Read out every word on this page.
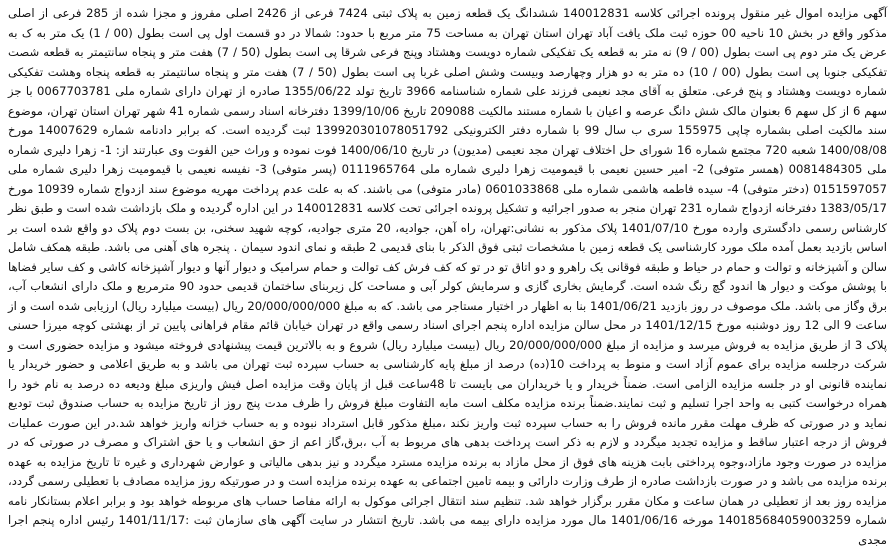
آگهی مزایده اموال غیر منقول پرونده اجرائی کلاسه 140012831 ششدانگ یک قطعه زمین به پلاک ثبتی 7424 فرعی از 2426 اصلی مفروز و مجزا شده از 285 فرعی از اصلی مذکور واقع در بخش 10 ناحیه 00 حوزه ثبت ملک یافت آباد تهران استان تهران به مساحت 75 متر مربع با حدود: شمالا در دو قسمت اول پی است بطول (00 / 1) یک متر به ک به عرض یک متر دوم پی است بطول (00 / 9) نه متر به قطعه یک تفکیکی شماره دویست وهشتاد وپنج فرعی شرقا پی است بطول (50 / 7) هفت متر و پنجاه سانتیمتر به قطعه شصت تفکیکی جنوبا پی است بطول (00 / 10) ده متر به دو هزار وچهارصد وبیست وشش اصلی غربا پی است بطول (50 / 7) هفت متر و پنجاه سانتیمتر به قطعه پنجاه وهشت تفکیکی شماره دویست وهشتاد و پنج فرعی. متعلق به آقای مجد نعیمی فرزند علی شماره شناسنامه 3966 تاریخ تولد 1355/06/22 صادره از تهران دارای شماره ملی 0067703781 با جز سهم 6 از کل سهم 6 بعنوان مالک شش دانگ عرصه و اعیان با شماره مستند مالکیت 209088 تاریخ 1399/10/06 دفترخانه اسناد رسمی شماره 41 شهر تهران استان تهران، موضوع سند مالکیت اصلی بشماره چاپی 155975 سری ب سال 99 با شماره دفتر الکترونیکی 139920301078051792 ثبت گردیده است. که برابر دادنامه شماره 14007629 مورخ 1400/08/08 شعبه 720 مجتمع شماره 16 شورای حل اختلاف تهران مجد نعیمی (مدیون) در تاریخ 1400/06/10 فوت نموده و وراث حین الفوت وی عبارتند از: 1- زهرا دلیری شماره ملی 0081484305 (همسر متوفی) 2- امیر حسین نعیمی با قیمومیت زهرا دلیری شماره ملی 0111965764 (پسر متوفی) 3- نفیسه نعیمی با قیمومیت زهرا دلیری شماره ملی 0151597057 (دختر متوفی) 4- سیده فاطمه هاشمی شماره ملی 0601033868 (مادر متوفی) می باشند. که به علت عدم پرداخت مهریه موضوع سند ازدواج شماره 10939 مورخ 1383/05/17 دفترخانه ازدواج شماره 231 تهران منجر به صدور اجرائیه و تشکیل پرونده اجرائی تحت کلاسه 140012831 در این اداره گردیده و ملک بازداشت شده است و طبق نظر کارشناس رسمی دادگستری وارده مورخ 1401/07/10 پلاک مذکور به نشانی:تهران، راه آهن، جواديه، 20 متری جواديه، کوچه شهيد سخنی، بن بست دوم پلاک دو واقع شده است بر اساس بازدید بعمل آمده ملک مورد کارشناسی یک قطعه زمین با مشخصات ثبتی فوق الذکر با بنای قدیمی 2 طبقه و نمای اندود سیمان . پنجره های آهنی می باشد. طبقه همکف شامل سالن و آشپزخانه و توالت و حمام در حیاط و طبقه فوقانی یک راهرو و دو اتاق تو در تو که کف فرش کف توالت و حمام سرامیک و دیوار آنها و دیوار آشپزخانه کاشی و کف سایر فضاها با پوشش موکت و دیوار ها اندود گچ رنگ شده است. گرمایش بخاری گازی و سرمایش کولر آبی و مساحت کل زیربنای ساختمان قدیمی حدود 90 مترمربع و ملک دارای انشعاب آب، برق وگاز می باشد. ملک موصوف در روز بازدید 1401/06/21 بنا به اظهار در اختیار مستاجر می باشد. که به مبلغ 20/000/000/000 ریال (بیست میلیارد ریال) ارزیابی شده است و از ساعت 9 الی 12 روز دوشنبه مورخ 1401/12/15 در محل سالن مزایده اداره پنجم اجرای اسناد رسمی واقع در تهران خیابان قائم مقام فراهانی پایین تر از بهشتی کوچه میرزا حسنی پلاک 3 از طریق مزایده به فروش میرسد و مزایده از مبلغ 20/000/000/000 ریال (بیست میلیارد ریال) شروع و به بالاترین قیمت پیشنهادی فروخته میشود و مزایده حضوری است و شرکت درجلسه مزایده برای عموم آزاد است و منوط به پرداخت 10(ده) درصد از مبلغ پایه کارشناسی به حساب سپرده ثبت تهران می باشد و به طریق اعلامی و حضور خریدار یا نماینده قانونی او در جلسه مزایده الزامی است. ضمناً خریدار و یا خریداران می بایست تا 48ساعت قبل از پایان وقت مزایده اصل فیش واریزی مبلغ ودیعه ده درصد به نام خود را همراه درخواست کتبی به واحد اجرا تسلیم و ثبت نمایند.ضمناً برنده مزایده مکلف است مابه التفاوت مبلغ فروش را ظرف مدت پنج روز از تاریخ مزایده به حساب صندوق ثبت تودیع نماید و در صورتی که ظرف مهلت مقرر مانده فروش را به حساب سپرده ثبت واریز نکند ،مبلغ مذکور قابل استرداد نبوده و به حساب خزانه واریز خواهد شد.در این صورت عملیات فروش از درجه اعتبار ساقط و مزایده تجدید میگردد و لازم به ذکر است پرداخت بدهی های مربوط به آب ،برق،گاز اعم از حق انشعاب و یا حق اشتراک و مصرف در صورتی که در مزایده در صورت وجود مازاد،وجوه پرداختی بابت هزینه های فوق از محل مازاد به برنده مزایده مسترد میگردد و نیز بدهی مالیاتی و عوارض شهرداری و غیره تا تاریخ مزایده به عهده برنده مزایده می باشد و در صورت بازداشت صادره از طرف وزارت دارائی و بیمه تامین اجتماعی به عهده برنده مزایده است و در صورتیکه روز مزایده مصادف با تعطیلی رسمی گردد، مزایده روز بعد از تعطیلی در همان ساعت و مکان مقرر برگزار خواهد شد. تنظیم سند انتقال اجرائی موکول به ارائه مفاصا حساب های مربوطه خواهد بود و برابر اعلام بستانکار نامه شماره 140185684059003259 مورخه 1401/06/16 مال مورد مزایده دارای بیمه می باشد. تاریخ انتشار در سایت آگهی های سازمان ثبت :1401/11/17 رئیس اداره پنجم اجرا مجدی
